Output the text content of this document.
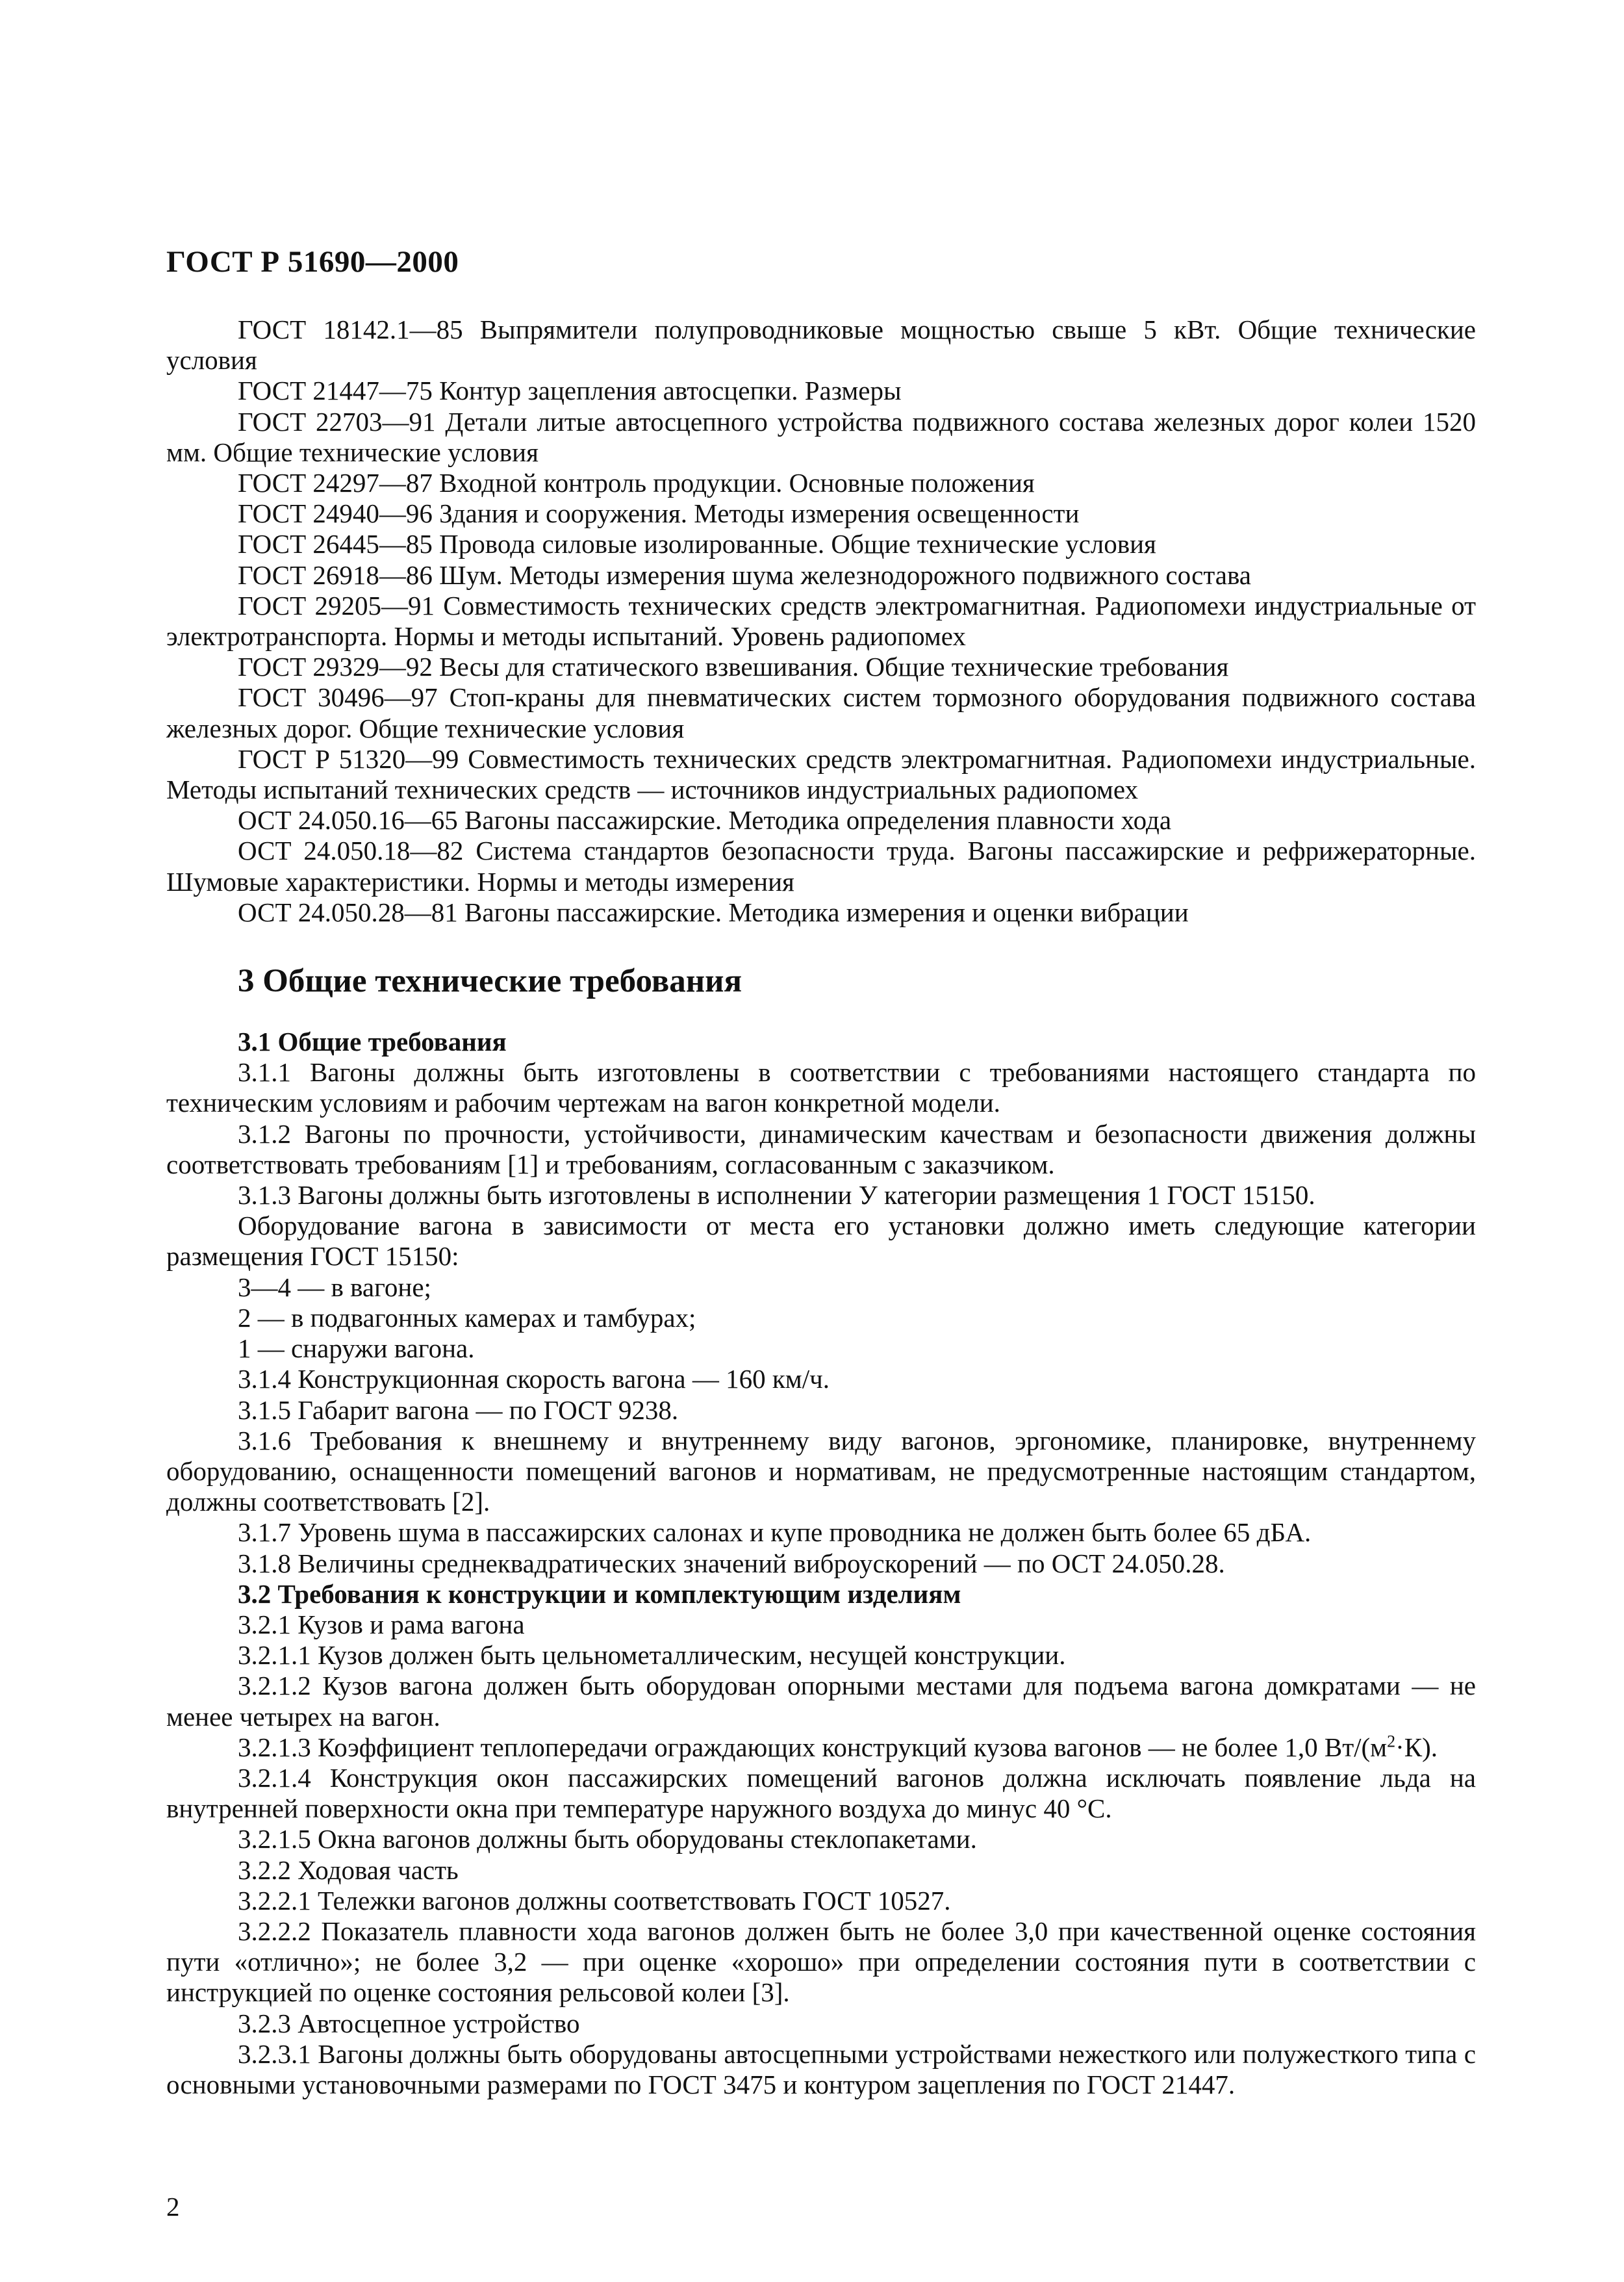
ГОСТ Р 51690—2000

ГОСТ 18142.1—85 Выпрямители полупроводниковые мощностью свыше 5 кВт. Общие технические условия

ГОСТ 21447—75 Контур зацепления автосцепки. Размеры

ГОСТ 22703—91 Детали литые автосцепного устройства подвижного состава железных дорог колеи 1520 мм. Общие технические условия

ГОСТ 24297—87 Входной контроль продукции. Основные положения

ГОСТ 24940—96 Здания и сооружения. Методы измерения освещенности

ГОСТ 26445—85 Провода силовые изолированные. Общие технические условия

ГОСТ 26918—86 Шум. Методы измерения шума железнодорожного подвижного состава

ГОСТ 29205—91 Совместимость технических средств электромагнитная. Радиопомехи индустриальные от электротранспорта. Нормы и методы испытаний. Уровень радиопомех

ГОСТ 29329—92 Весы для статического взвешивания. Общие технические требования

ГОСТ 30496—97 Стоп-краны для пневматических систем тормозного оборудования подвижного состава железных дорог. Общие технические условия

ГОСТ Р 51320—99 Совместимость технических средств электромагнитная. Радиопомехи индустриальные. Методы испытаний технических средств — источников индустриальных радиопомех

ОСТ 24.050.16—65 Вагоны пассажирские. Методика определения плавности хода

ОСТ 24.050.18—82 Система стандартов безопасности труда. Вагоны пассажирские и рефрижераторные. Шумовые характеристики. Нормы и методы измерения

ОСТ 24.050.28—81 Вагоны пассажирские. Методика измерения и оценки вибрации

3 Общие технические требования

3.1 Общие требования

3.1.1 Вагоны должны быть изготовлены в соответствии с требованиями настоящего стандарта по техническим условиям и рабочим чертежам на вагон конкретной модели.

3.1.2 Вагоны по прочности, устойчивости, динамическим качествам и безопасности движения должны соответствовать требованиям [1] и требованиям, согласованным с заказчиком.

3.1.3 Вагоны должны быть изготовлены в исполнении У категории размещения 1 ГОСТ 15150.

Оборудование вагона в зависимости от места его установки должно иметь следующие категории размещения ГОСТ 15150:

3—4 — в вагоне;

2 — в подвагонных камерах и тамбурах;

1 — снаружи вагона.

3.1.4 Конструкционная скорость вагона — 160 км/ч.

3.1.5 Габарит вагона — по ГОСТ 9238.

3.1.6 Требования к внешнему и внутреннему виду вагонов, эргономике, планировке, внутреннему оборудованию, оснащенности помещений вагонов и нормативам, не предусмотренные настоящим стандартом, должны соответствовать [2].

3.1.7 Уровень шума в пассажирских салонах и купе проводника не должен быть более 65 дБА.

3.1.8 Величины среднеквадратических значений виброускорений — по ОСТ 24.050.28.

3.2 Требования к конструкции и комплектующим изделиям

3.2.1 Кузов и рама вагона

3.2.1.1 Кузов должен быть цельнометаллическим, несущей конструкции.

3.2.1.2 Кузов вагона должен быть оборудован опорными местами для подъема вагона домкратами — не менее четырех на вагон.

3.2.1.3 Коэффициент теплопередачи ограждающих конструкций кузова вагонов — не более 1,0 $Вт/(м^2\cdot К)$.

3.2.1.4 Конструкция окон пассажирских помещений вагонов должна исключать появление льда на внутренней поверхности окна при температуре наружного воздуха до минус 40 °С.

3.2.1.5 Окна вагонов должны быть оборудованы стеклопакетами.

3.2.2 Ходовая часть

3.2.2.1 Тележки вагонов должны соответствовать ГОСТ 10527.

3.2.2.2 Показатель плавности хода вагонов должен быть не более 3,0 при качественной оценке состояния пути «отлично»; не более 3,2 — при оценке «хорошо» при определении состояния пути в соответствии с инструкцией по оценке состояния рельсовой колеи [3].

3.2.3 Автосцепное устройство

3.2.3.1 Вагоны должны быть оборудованы автосцепными устройствами нежесткого или полужесткого типа с основными установочными размерами по ГОСТ 3475 и контуром зацепления по ГОСТ 21447.

2
